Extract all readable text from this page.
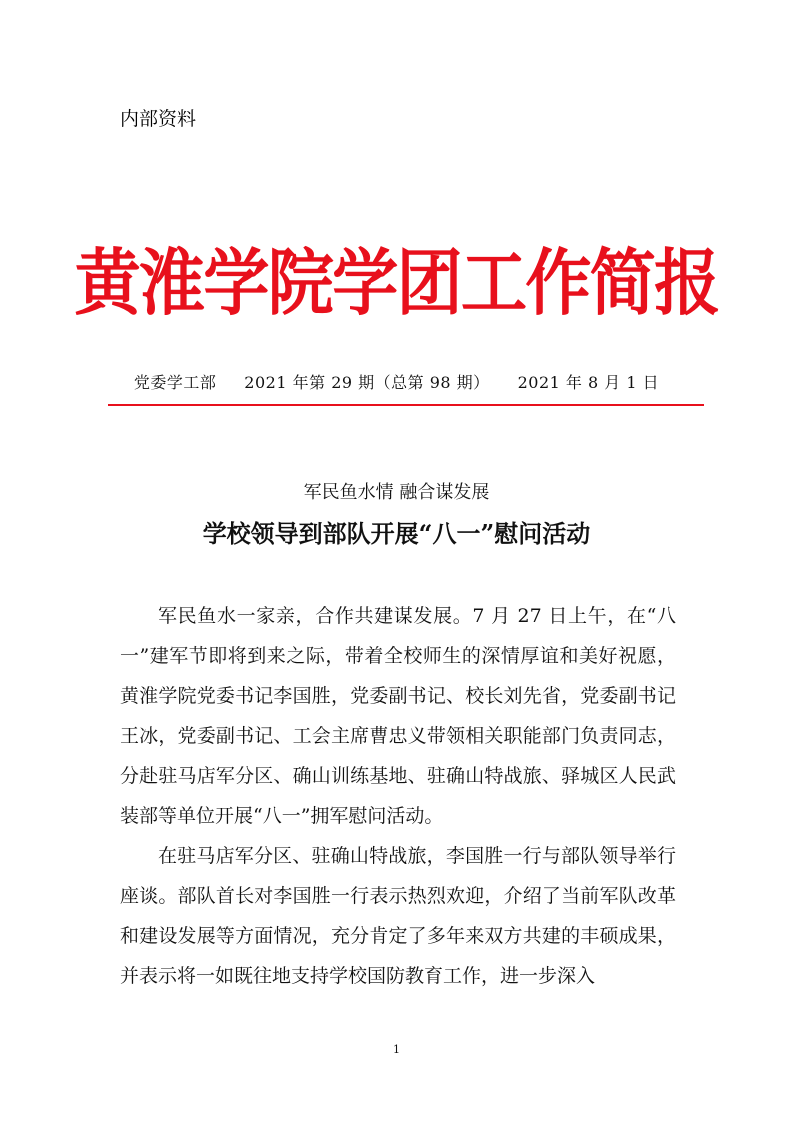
内部资料
黄淮学院学团工作简报
党委学工部     2021 年第 29 期（总第 98 期）     2021 年 8 月 1 日
军民鱼水情 融合谋发展
学校领导到部队开展“八一”慰问活动

军民鱼水一家亲，合作共建谋发展。7 月 27 日上午，在“八一”建军节即将到来之际，带着全校师生的深情厚谊和美好祝愿，黄淮学院党委书记李国胜，党委副书记、校长刘先省，党委副书记王冰，党委副书记、工会主席曹忠义带领相关职能部门负责同志，分赴驻马店军分区、确山训练基地、驻确山特战旅、驿城区人民武装部等单位开展“八一”拥军慰问活动。

在驻马店军分区、驻确山特战旅，李国胜一行与部队领导举行座谈。部队首长对李国胜一行表示热烈欢迎，介绍了当前军队改革和建设发展等方面情况，充分肯定了多年来双方共建的丰硕成果，并表示将一如既往地支持学校国防教育工作，进一步深入

1
